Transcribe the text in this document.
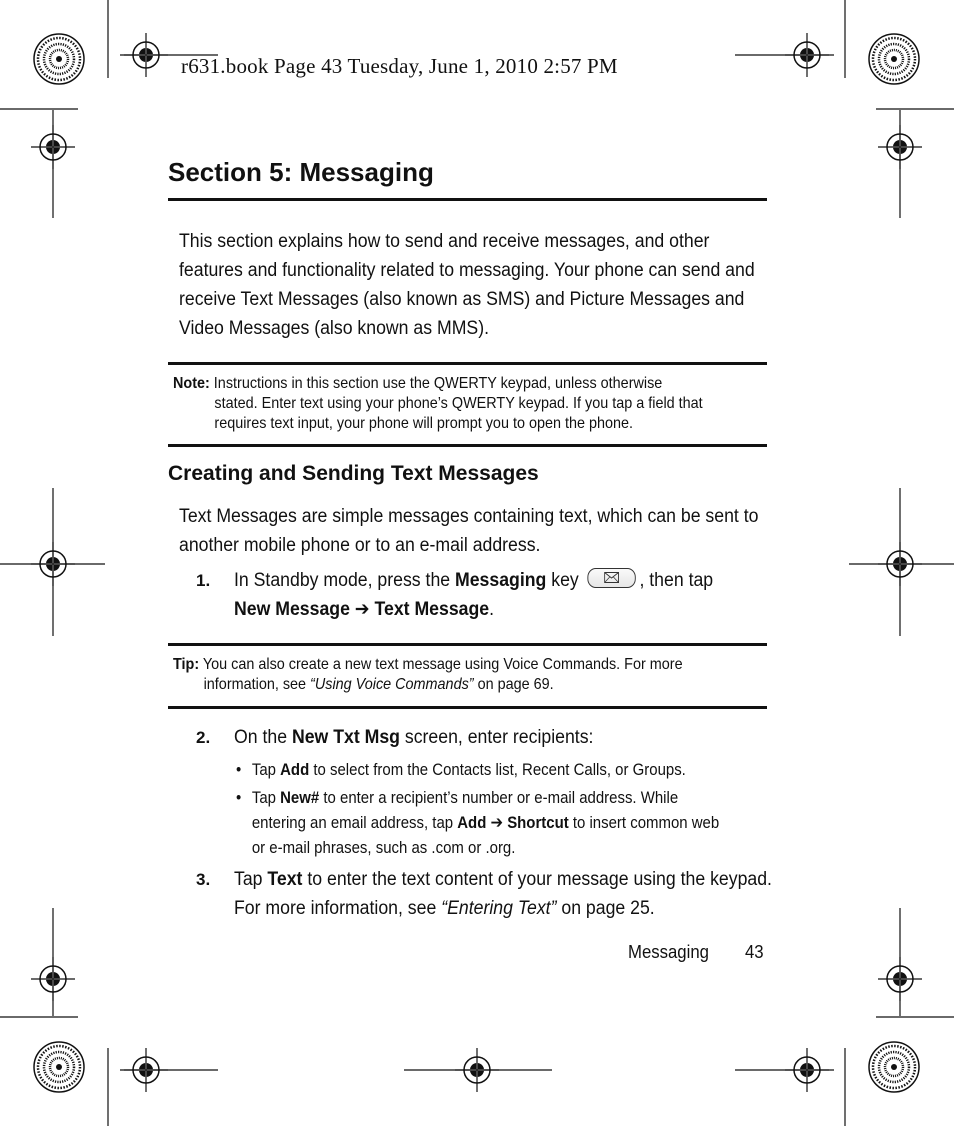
r631.book Page 43 Tuesday, June 1, 2010 2:57 PM
Section 5: Messaging
This section explains how to send and receive messages, and other features and functionality related to messaging. Your phone can send and receive Text Messages (also known as SMS) and Picture Messages and Video Messages (also known as MMS).
Note: Instructions in this section use the QWERTY keypad, unless otherwise
stated. Enter text using your phone’s QWERTY keypad. If you tap a field that
requires text input, your phone will prompt you to open the phone.
Creating and Sending Text Messages
Text Messages are simple messages containing text, which can be sent to another mobile phone or to an e-mail address.
1. In Standby mode, press the Messaging key	, then tap
New Message ➔ Text Message.
Tip: You can also create a new text message using Voice Commands. For more
information, see “Using Voice Commands” on page 69.
2. On the New Txt Msg screen, enter recipients:
• Tap Add to select from the Contacts list, Recent Calls, or Groups.
• Tap New# to enter a recipient’s number or e-mail address. While entering an email address, tap Add ➔ Shortcut to insert common web or e-mail phrases, such as .com or .org.
3. Tap Text to enter the text content of your message using the keypad. For more information, see “Entering Text” on page 25.
Messaging 43
